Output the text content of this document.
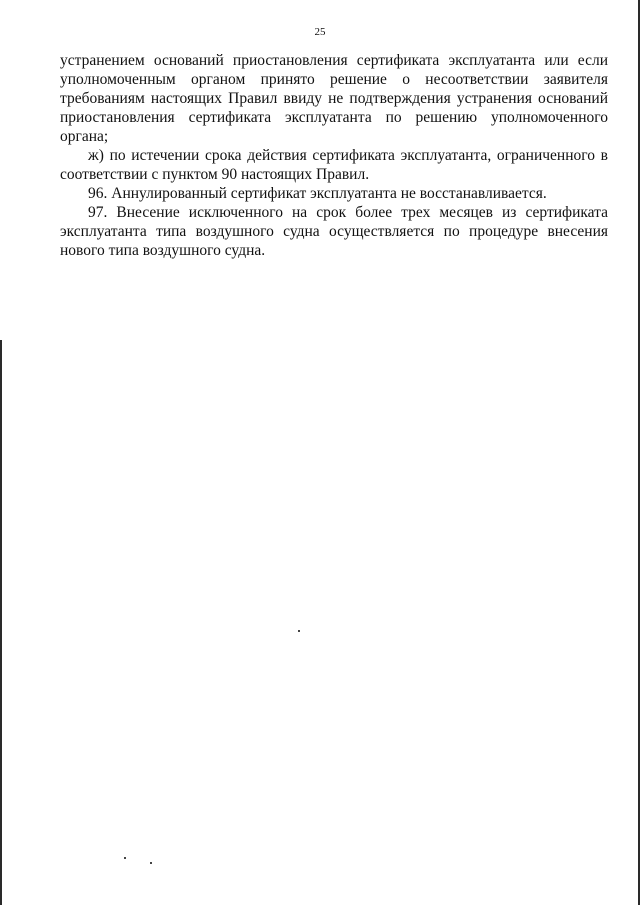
25

устранением оснований приостановления сертификата эксплуатанта или если уполномоченным органом принято решение о несоответствии заявителя требованиям настоящих Правил ввиду не подтверждения устранения оснований приостановления сертификата эксплуатанта по решению уполномоченного органа;

ж) по истечении срока действия сертификата эксплуатанта, ограниченного в соответствии с пунктом 90 настоящих Правил.

96. Аннулированный сертификат эксплуатанта не восстанавливается.

97. Внесение исключенного на срок более трех месяцев из сертификата эксплуатанта типа воздушного судна осуществляется по процедуре внесения нового типа воздушного судна.
